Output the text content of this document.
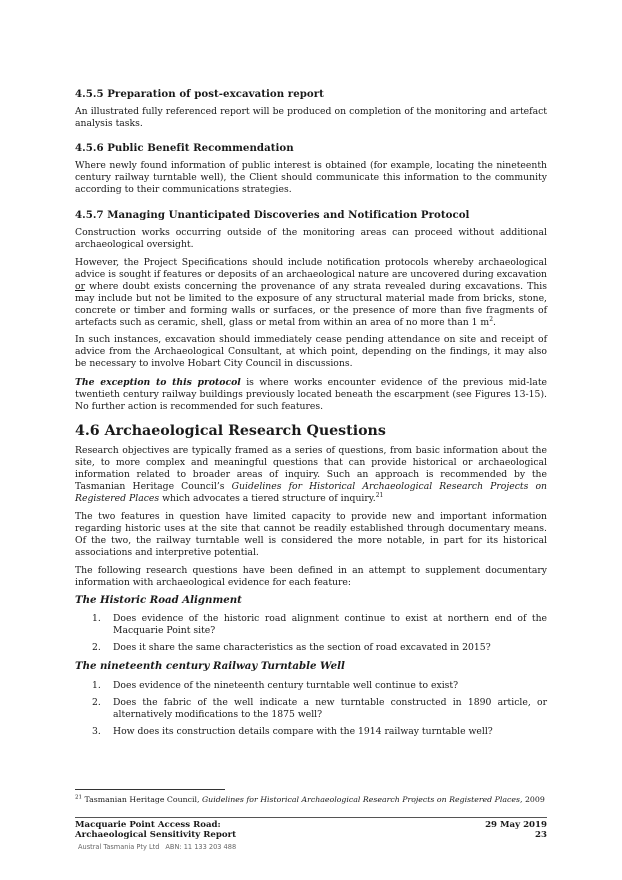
4.5.5 Preparation of post-excavation report

An illustrated fully referenced report will be produced on completion of the monitoring and artefact analysis tasks.

4.5.6 Public Benefit Recommendation

Where newly found information of public interest is obtained (for example, locating the nineteenth century railway turntable well), the Client should communicate this information to the community according to their communications strategies.

4.5.7 Managing Unanticipated Discoveries and Notification Protocol

Construction works occurring outside of the monitoring areas can proceed without additional archaeological oversight.

However, the Project Specifications should include notification protocols whereby archaeological advice is sought if features or deposits of an archaeological nature are uncovered during excavation or where doubt exists concerning the provenance of any strata revealed during excavations. This may include but not be limited to the exposure of any structural material made from bricks, stone, concrete or timber and forming walls or surfaces, or the presence of more than five fragments of artefacts such as ceramic, shell, glass or metal from within an area of no more than 1 $m^2$.

In such instances, excavation should immediately cease pending attendance on site and receipt of advice from the Archaeological Consultant, at which point, depending on the findings, it may also be necessary to involve Hobart City Council in discussions.

The exception to this protocol is where works encounter evidence of the previous mid-late twentieth century railway buildings previously located beneath the escarpment (see Figures 13-15). No further action is recommended for such features.

4.6 Archaeological Research Questions

Research objectives are typically framed as a series of questions, from basic information about the site, to more complex and meaningful questions that can provide historical or archaeological information related to broader areas of inquiry. Such an approach is recommended by the Tasmanian Heritage Council’s Guidelines for Historical Archaeological Research Projects on Registered Places which advocates a tiered structure of inquiry.$^{21}$

The two features in question have limited capacity to provide new and important information regarding historic uses at the site that cannot be readily established through documentary means. Of the two, the railway turntable well is considered the more notable, in part for its historical associations and interpretive potential.

The following research questions have been defined in an attempt to supplement documentary information with archaeological evidence for each feature:

The Historic Road Alignment
1. Does evidence of the historic road alignment continue to exist at northern end of the Macquarie Point site?
2. Does it share the same characteristics as the section of road excavated in 2015?
The nineteenth century Railway Turntable Well
1. Does evidence of the nineteenth century turntable well continue to exist?
2. Does the fabric of the well indicate a new turntable constructed in 1890 article, or alternatively modifications to the 1875 well?
3. How does its construction details compare with the 1914 railway turntable well?
$^{21}$ Tasmanian Heritage Council, Guidelines for Historical Archaeological Research Projects on Registered Places, 2009
Macquarie Point Access Road:
Archaeological Sensitivity Report
29 May 2019
23
Austral Tasmania Pty Ltd ABN: 11 133 203 488
